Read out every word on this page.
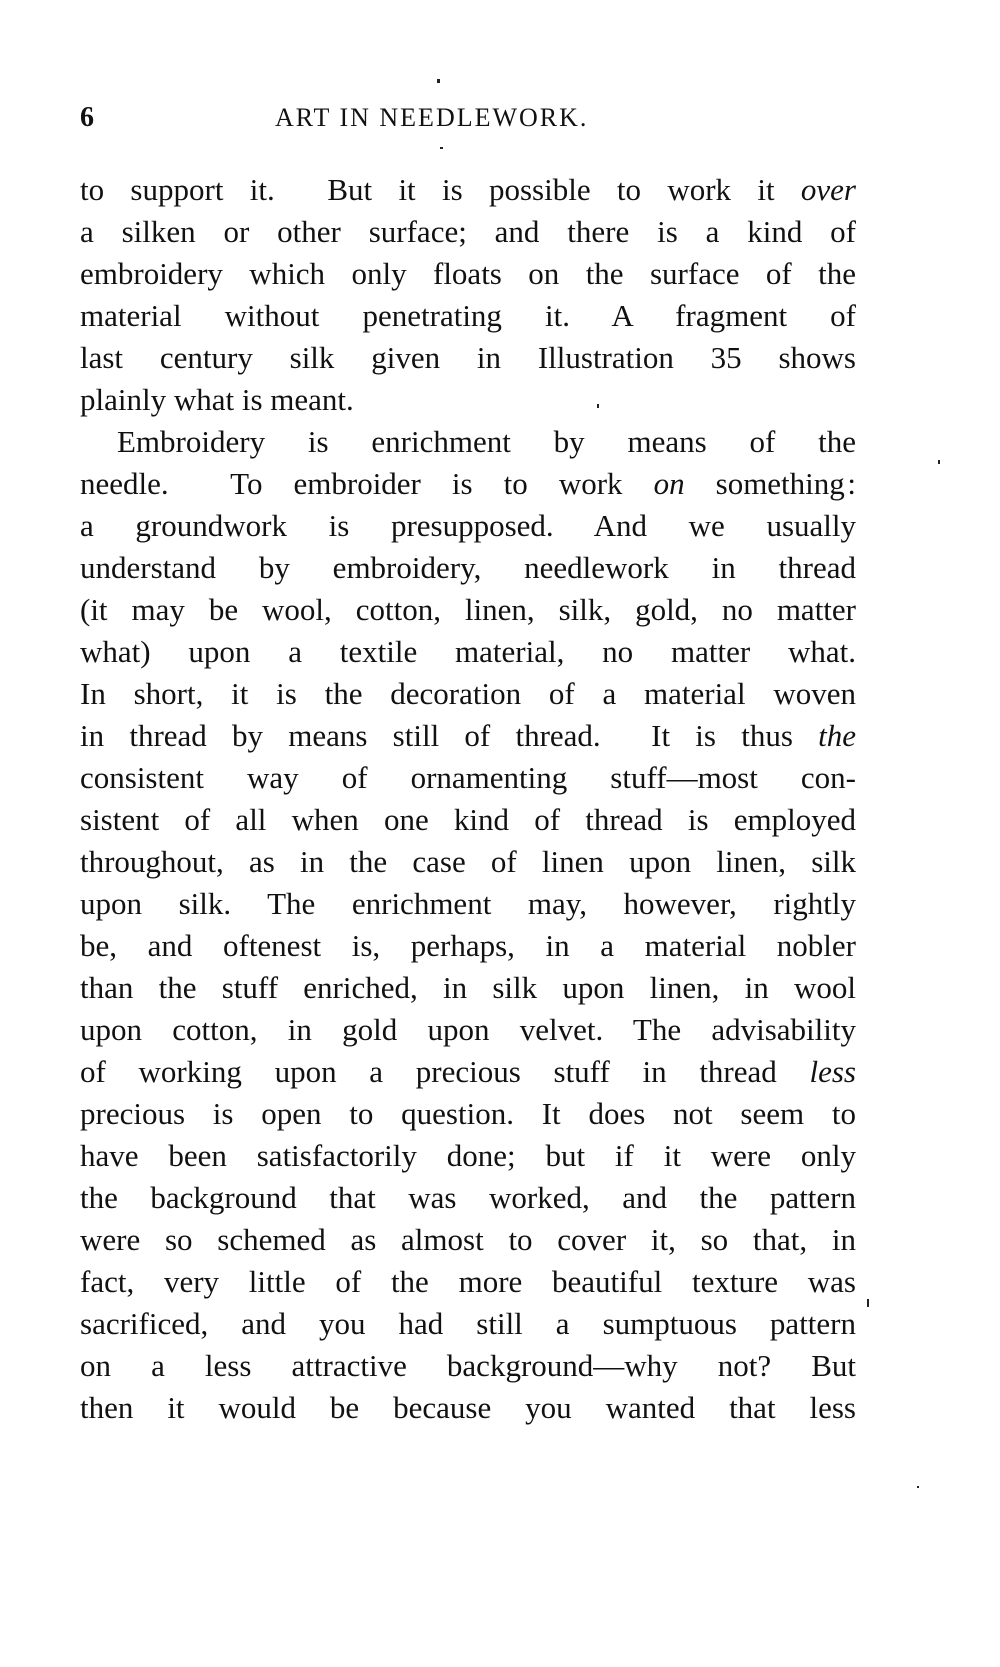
6	ART IN NEEDLEWORK.
to support it.  But it is possible to work it over
a silken or other surface; and there is a kind of
embroidery which only floats on the surface of the
material without penetrating it. A fragment of
last century silk given in Illustration 35 shows
plainly what is meant.
Embroidery is enrichment by means of the
needle.  To embroider is to work on something :
a groundwork is presupposed. And we usually
understand by embroidery, needlework in thread
(it may be wool, cotton, linen, silk, gold, no matter
what) upon a textile material, no matter what.
In short, it is the decoration of a material woven
in thread by means still of thread.  It is thus the
consistent way of ornamenting stuff—most con-
sistent of all when one kind of thread is employed
throughout, as in the case of linen upon linen, silk
upon silk. The enrichment may, however, rightly
be, and oftenest is, perhaps, in a material nobler
than the stuff enriched, in silk upon linen, in wool
upon cotton, in gold upon velvet. The advisability
of working upon a precious stuff in thread less
precious is open to question. It does not seem to
have been satisfactorily done; but if it were only
the background that was worked, and the pattern
were so schemed as almost to cover it, so that, in
fact, very little of the more beautiful texture was
sacrificed, and you had still a sumptuous pattern
on a less attractive background—why not? But
then it would be because you wanted that less
